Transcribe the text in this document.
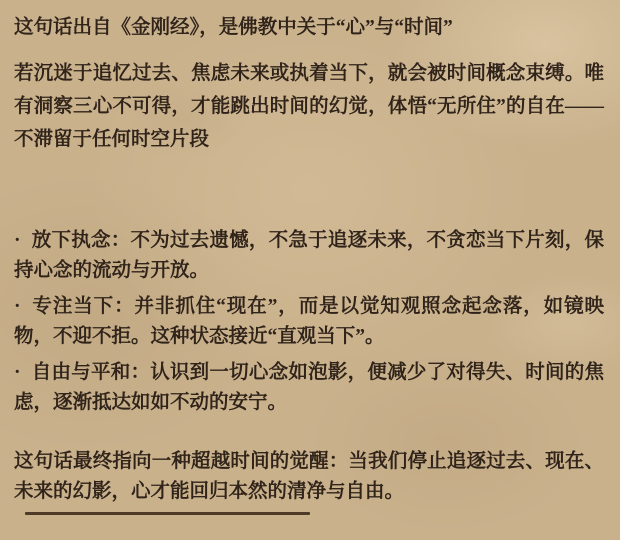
这句话出自《金刚经》，是佛教中关于“心”与“时间”

若沉迷于追忆过去、焦虑未来或执着当下，就会被时间概念束缚。唯有洞察三心不可得，才能跳出时间的幻觉，体悟“无所住”的自在——不滞留于任何时空片段

· 放下执念：不为过去遗憾，不急于追逐未来，不贪恋当下片刻，保持心念的流动与开放。

· 专注当下：并非抓住“现在”，而是以觉知观照念起念落，如镜映物，不迎不拒。这种状态接近“直观当下”。

· 自由与平和：认识到一切心念如泡影，便减少了对得失、时间的焦虑，逐渐抵达如如不动的安宁。

这句话最终指向一种超越时间的觉醒：当我们停止追逐过去、现在、未来的幻影，心才能回归本然的清净与自由。
